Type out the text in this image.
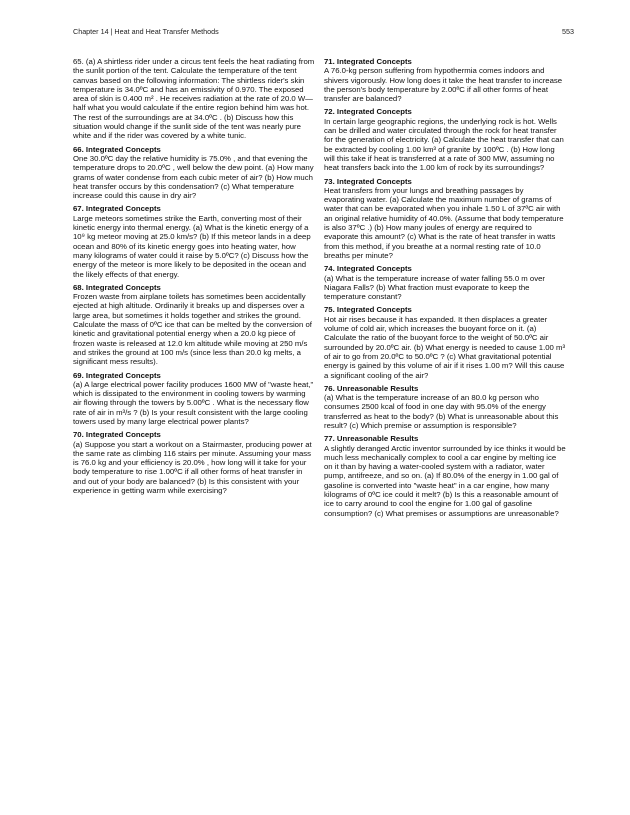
Chapter 14 | Heat and Heat Transfer Methods	553

65. (a) A shirtless rider under a circus tent feels the heat radiating from the sunlit portion of the tent. Calculate the temperature of the tent canvas based on the following information: The shirtless rider's skin temperature is 34.0ºC and has an emissivity of 0.970. The exposed area of skin is 0.400 m² . He receives radiation at the rate of 20.0 W—half what you would calculate if the entire region behind him was hot. The rest of the surroundings are at 34.0ºC . (b) Discuss how this situation would change if the sunlit side of the tent was nearly pure white and if the rider was covered by a white tunic.

66. Integrated Concepts

One 30.0ºC day the relative humidity is 75.0% , and that evening the temperature drops to 20.0ºC , well below the dew point. (a) How many grams of water condense from each cubic meter of air? (b) How much heat transfer occurs by this condensation? (c) What temperature increase could this cause in dry air?

67. Integrated Concepts

Large meteors sometimes strike the Earth, converting most of their kinetic energy into thermal energy. (a) What is the kinetic energy of a 10⁹ kg meteor moving at 25.0 km/s? (b) If this meteor lands in a deep ocean and 80% of its kinetic energy goes into heating water, how many kilograms of water could it raise by 5.0ºC? (c) Discuss how the energy of the meteor is more likely to be deposited in the ocean and the likely effects of that energy.

68. Integrated Concepts

Frozen waste from airplane toilets has sometimes been accidentally ejected at high altitude. Ordinarily it breaks up and disperses over a large area, but sometimes it holds together and strikes the ground. Calculate the mass of 0ºC ice that can be melted by the conversion of kinetic and gravitational potential energy when a 20.0 kg piece of frozen waste is released at 12.0 km altitude while moving at 250 m/s and strikes the ground at 100 m/s (since less than 20.0 kg melts, a significant mess results).

69. Integrated Concepts

(a) A large electrical power facility produces 1600 MW of "waste heat," which is dissipated to the environment in cooling towers by warming air flowing through the towers by 5.00ºC . What is the necessary flow rate of air in m³/s ? (b) Is your result consistent with the large cooling towers used by many large electrical power plants?

70. Integrated Concepts

(a) Suppose you start a workout on a Stairmaster, producing power at the same rate as climbing 116 stairs per minute. Assuming your mass is 76.0 kg and your efficiency is 20.0% , how long will it take for your body temperature to rise 1.00ºC if all other forms of heat transfer in and out of your body are balanced? (b) Is this consistent with your experience in getting warm while exercising?

71. Integrated Concepts

A 76.0-kg person suffering from hypothermia comes indoors and shivers vigorously. How long does it take the heat transfer to increase the person's body temperature by 2.00ºC if all other forms of heat transfer are balanced?

72. Integrated Concepts

In certain large geographic regions, the underlying rock is hot. Wells can be drilled and water circulated through the rock for heat transfer for the generation of electricity. (a) Calculate the heat transfer that can be extracted by cooling 1.00 km³ of granite by 100ºC . (b) How long will this take if heat is transferred at a rate of 300 MW, assuming no heat transfers back into the 1.00 km of rock by its surroundings?

73. Integrated Concepts

Heat transfers from your lungs and breathing passages by evaporating water. (a) Calculate the maximum number of grams of water that can be evaporated when you inhale 1.50 L of 37ºC air with an original relative humidity of 40.0%. (Assume that body temperature is also 37ºC .) (b) How many joules of energy are required to evaporate this amount? (c) What is the rate of heat transfer in watts from this method, if you breathe at a normal resting rate of 10.0 breaths per minute?

74. Integrated Concepts

(a) What is the temperature increase of water falling 55.0 m over Niagara Falls? (b) What fraction must evaporate to keep the temperature constant?

75. Integrated Concepts

Hot air rises because it has expanded. It then displaces a greater volume of cold air, which increases the buoyant force on it. (a) Calculate the ratio of the buoyant force to the weight of 50.0ºC air surrounded by 20.0ºC air. (b) What energy is needed to cause 1.00 m³ of air to go from 20.0ºC to 50.0ºC ? (c) What gravitational potential energy is gained by this volume of air if it rises 1.00 m? Will this cause a significant cooling of the air?

76. Unreasonable Results

(a) What is the temperature increase of an 80.0 kg person who consumes 2500 kcal of food in one day with 95.0% of the energy transferred as heat to the body? (b) What is unreasonable about this result? (c) Which premise or assumption is responsible?

77. Unreasonable Results

A slightly deranged Arctic inventor surrounded by ice thinks it would be much less mechanically complex to cool a car engine by melting ice on it than by having a water-cooled system with a radiator, water pump, antifreeze, and so on. (a) If 80.0% of the energy in 1.00 gal of gasoline is converted into "waste heat" in a car engine, how many kilograms of 0ºC ice could it melt? (b) Is this a reasonable amount of ice to carry around to cool the engine for 1.00 gal of gasoline consumption? (c) What premises or assumptions are unreasonable?
